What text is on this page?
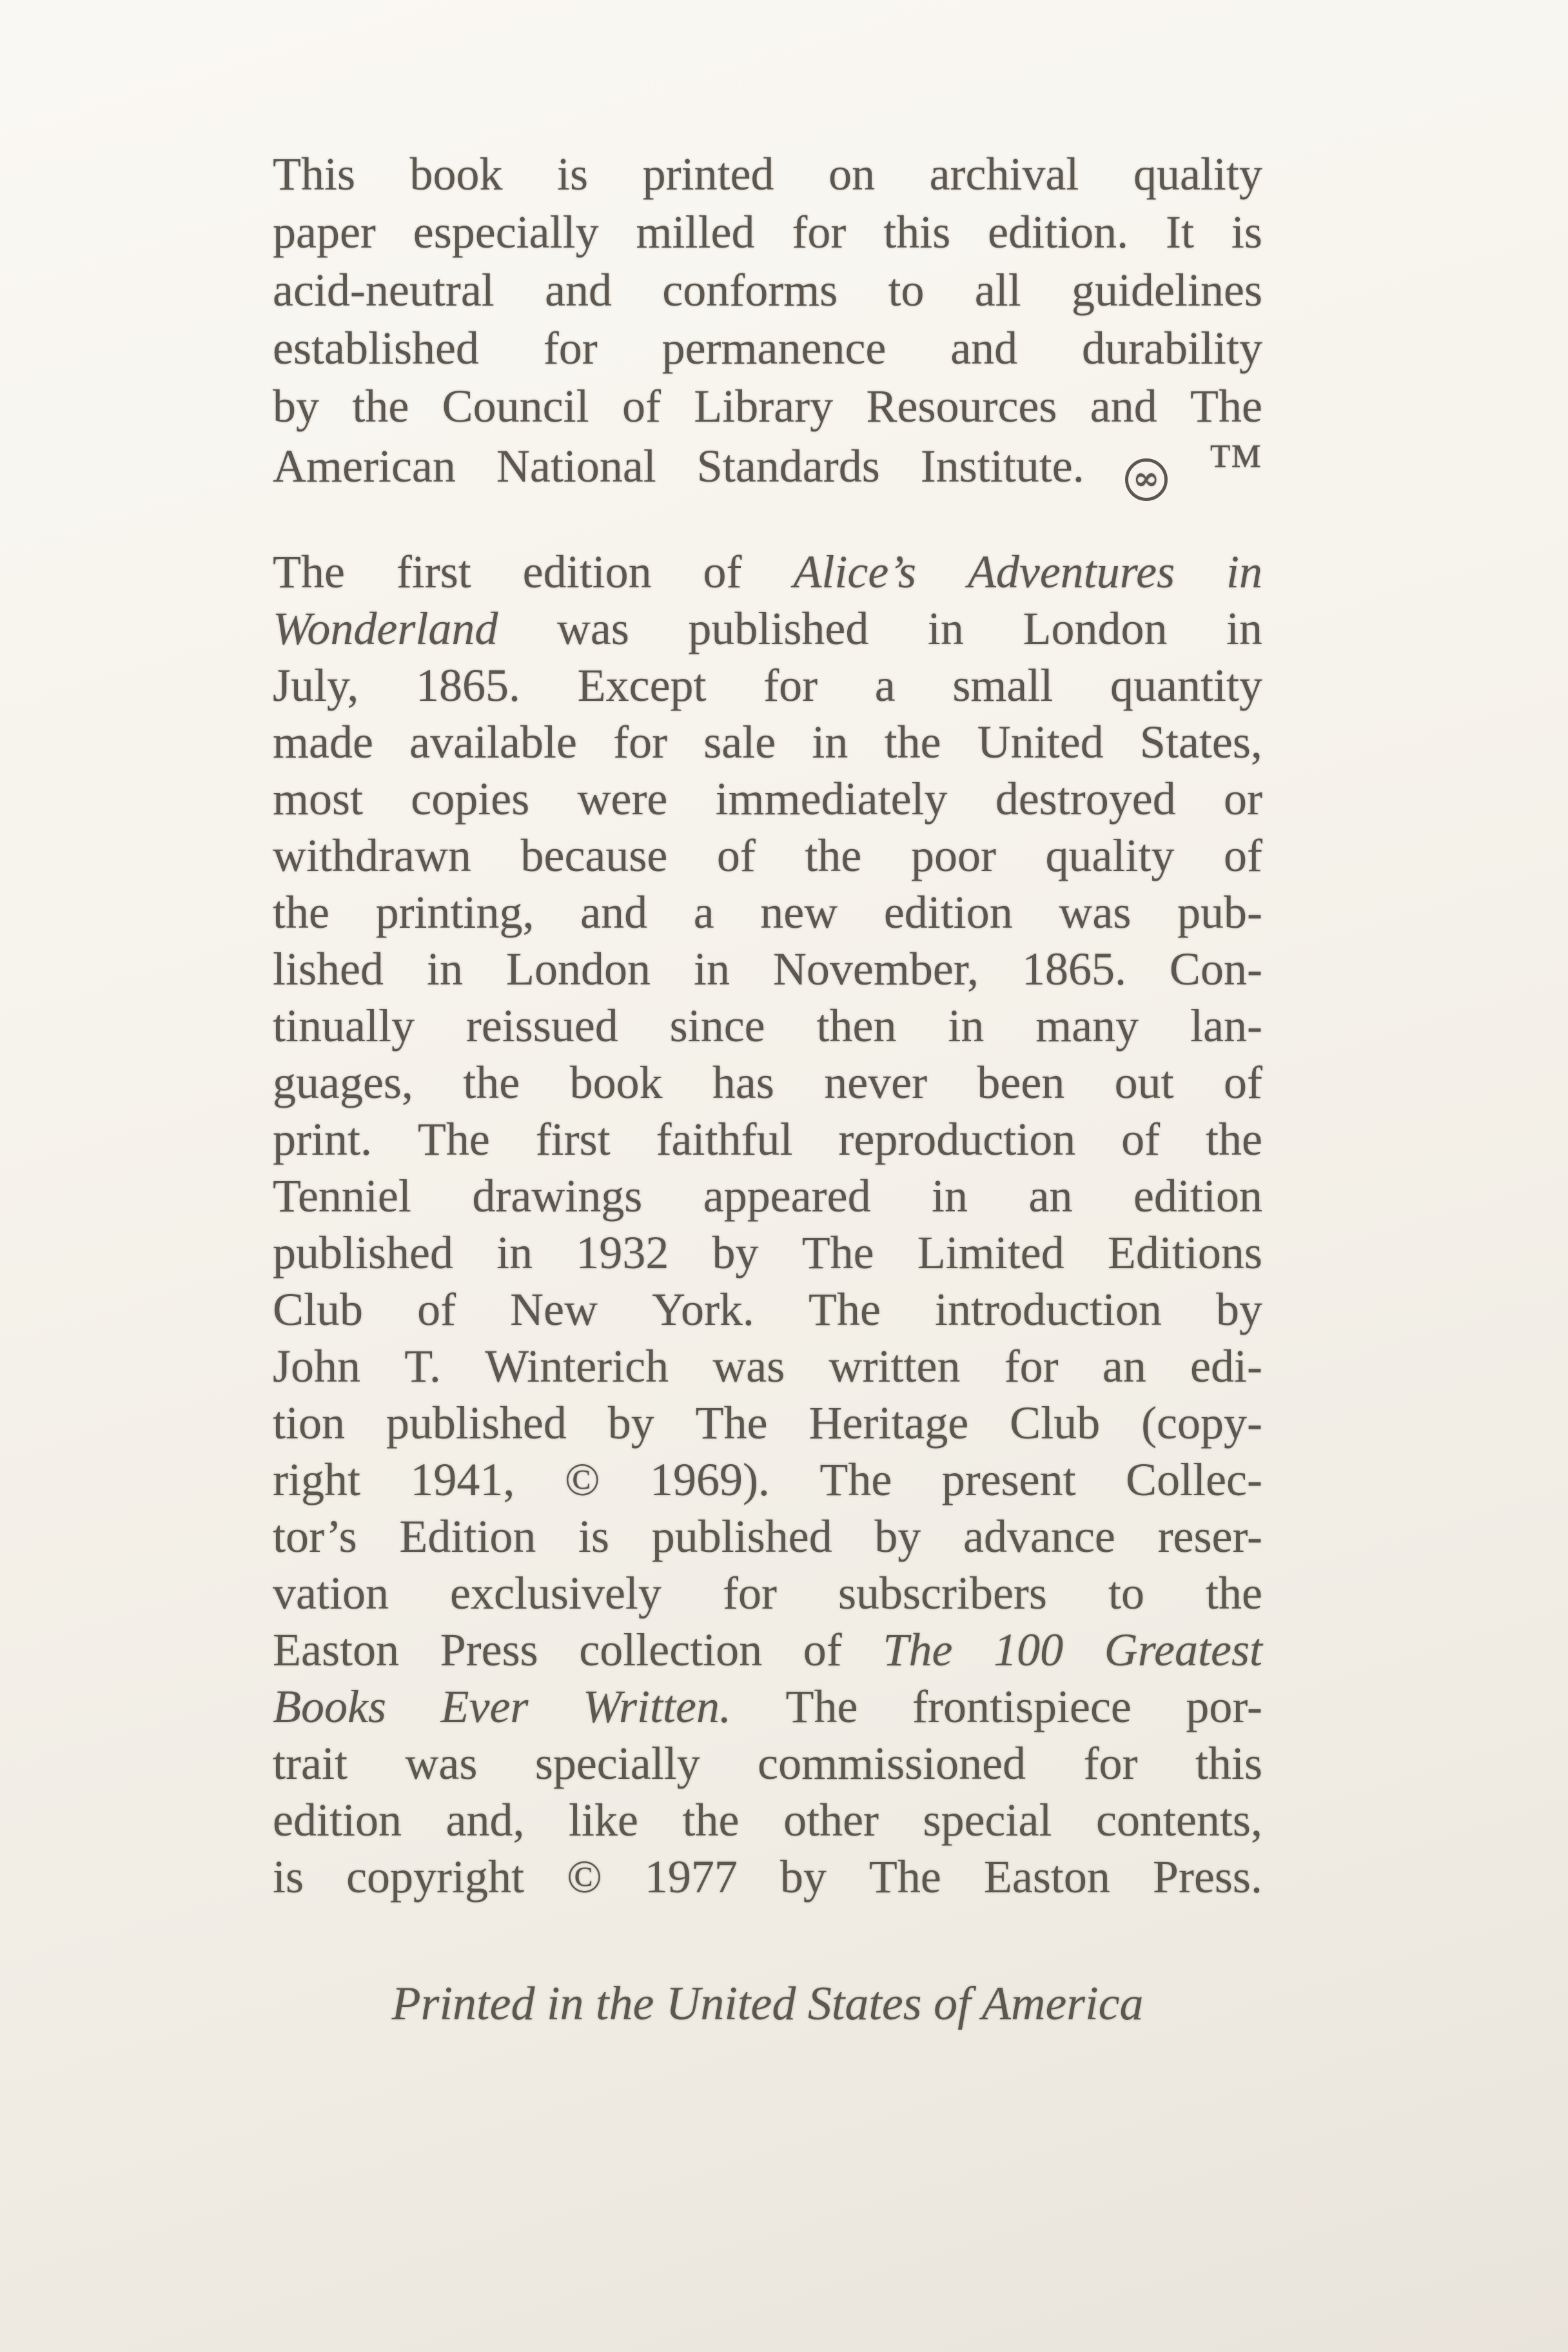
This book is printed on archival quality
paper especially milled for this edition. It is
acid-neutral and conforms to all guidelines
established for permanence and durability
by the Council of Library Resources and The
American National Standards Institute. ∞ ™
The first edition of Alice’s Adventures in
Wonderland was published in London in
July, 1865. Except for a small quantity
made available for sale in the United States,
most copies were immediately destroyed or
withdrawn because of the poor quality of
the printing, and a new edition was pub-
lished in London in November, 1865. Con-
tinually reissued since then in many lan-
guages, the book has never been out of
print. The first faithful reproduction of the
Tenniel drawings appeared in an edition
published in 1932 by The Limited Editions
Club of New York. The introduction by
John T. Winterich was written for an edi-
tion published by The Heritage Club (copy-
right 1941, © 1969). The present Collec-
tor’s Edition is published by advance reser-
vation exclusively for subscribers to the
Easton Press collection of The 100 Greatest
Books Ever Written. The frontispiece por-
trait was specially commissioned for this
edition and, like the other special contents,
is copyright © 1977 by The Easton Press.
Printed in the United States of America
